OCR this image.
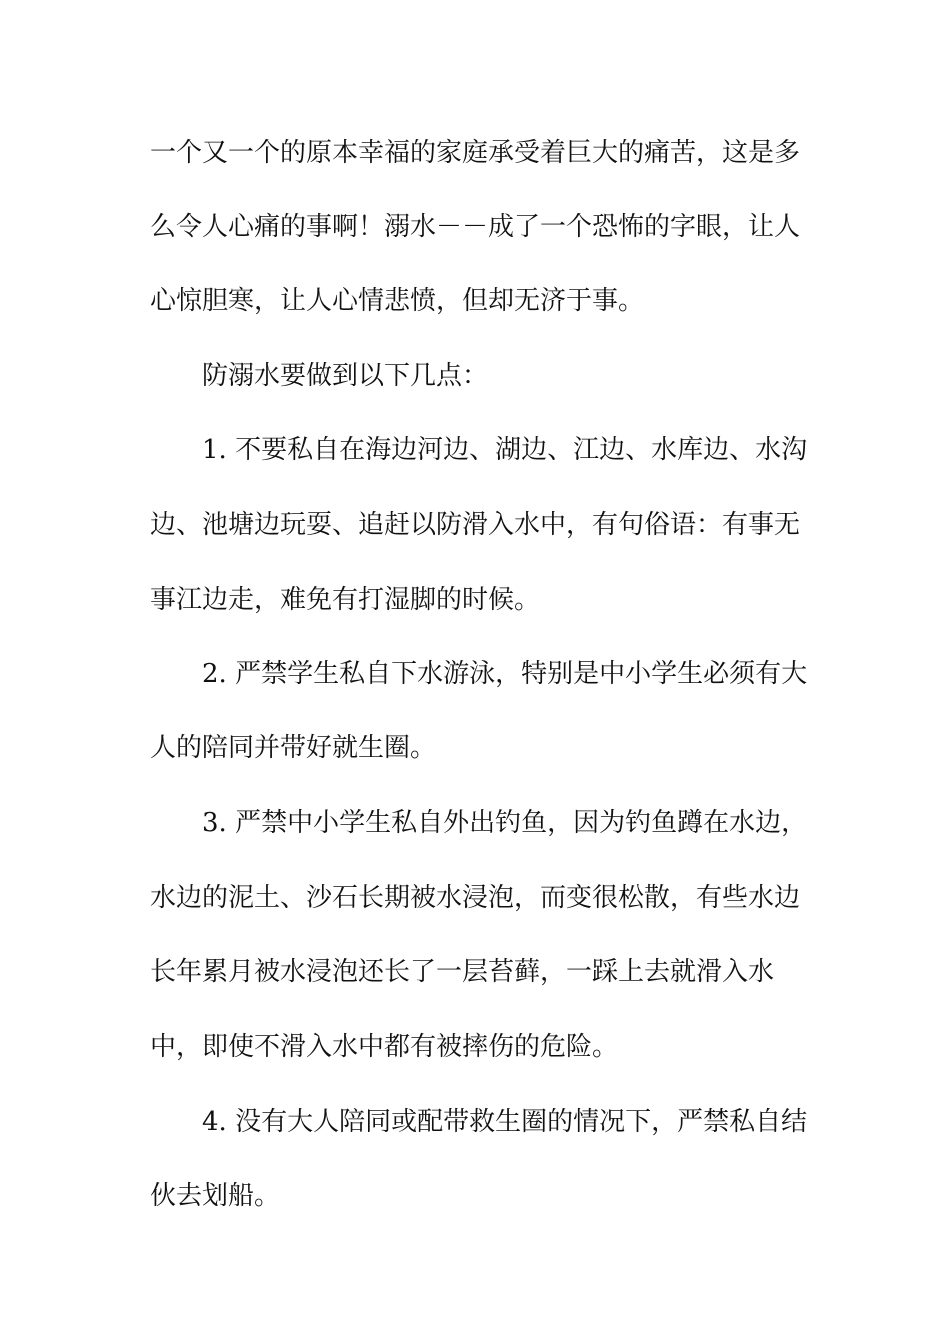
一个又一个的原本幸福的家庭承受着巨大的痛苦，这是多
么令人心痛的事啊！溺水－－成了一个恐怖的字眼，让人
心惊胆寒，让人心情悲愤，但却无济于事。
防溺水要做到以下几点：
1. 不要私自在海边河边、湖边、江边、水库边、水沟
边、池塘边玩耍、追赶以防滑入水中，有句俗语：有事无
事江边走，难免有打湿脚的时候。
2. 严禁学生私自下水游泳，特别是中小学生必须有大
人的陪同并带好就生圈。
3. 严禁中小学生私自外出钓鱼，因为钓鱼蹲在水边，
水边的泥土、沙石长期被水浸泡，而变很松散，有些水边
长年累月被水浸泡还长了一层苔藓，一踩上去就滑入水
中，即使不滑入水中都有被摔伤的危险。
4. 没有大人陪同或配带救生圈的情况下，严禁私自结
伙去划船。
